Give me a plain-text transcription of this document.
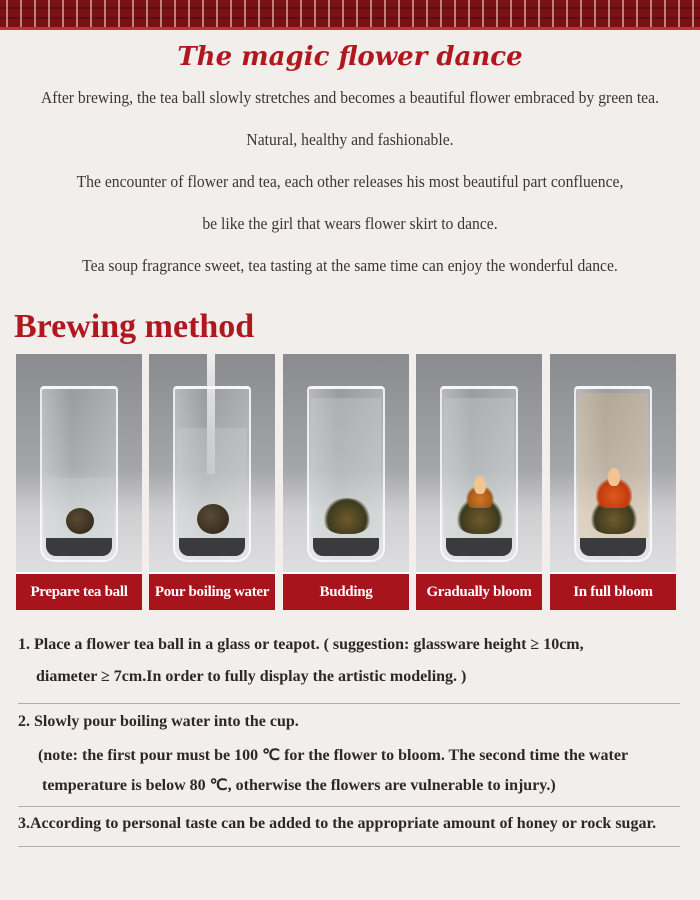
The magic flower dance

After brewing, the tea ball slowly stretches and becomes a beautiful flower embraced by green tea.

Natural, healthy and fashionable.

The encounter of flower and tea, each other releases his most beautiful part confluence,

be like the girl that wears flower skirt to dance.

Tea soup fragrance sweet, tea tasting at the same time can enjoy the wonderful dance.

Brewing method
Prepare tea ball	Pour boiling water	Budding	Gradually bloom	In full bloom

1. Place a flower tea ball in a glass or teapot. ( suggestion: glassware height ≥ 10cm,

diameter ≥ 7cm.In order to fully display the artistic modeling. )

2. Slowly pour boiling water into the cup.

(note: the first pour must be 100 ℃ for the flower to bloom. The second time the water

temperature is below 80 ℃, otherwise the flowers are vulnerable to injury.)

3.According to personal taste can be added to the appropriate amount of honey or rock sugar.
